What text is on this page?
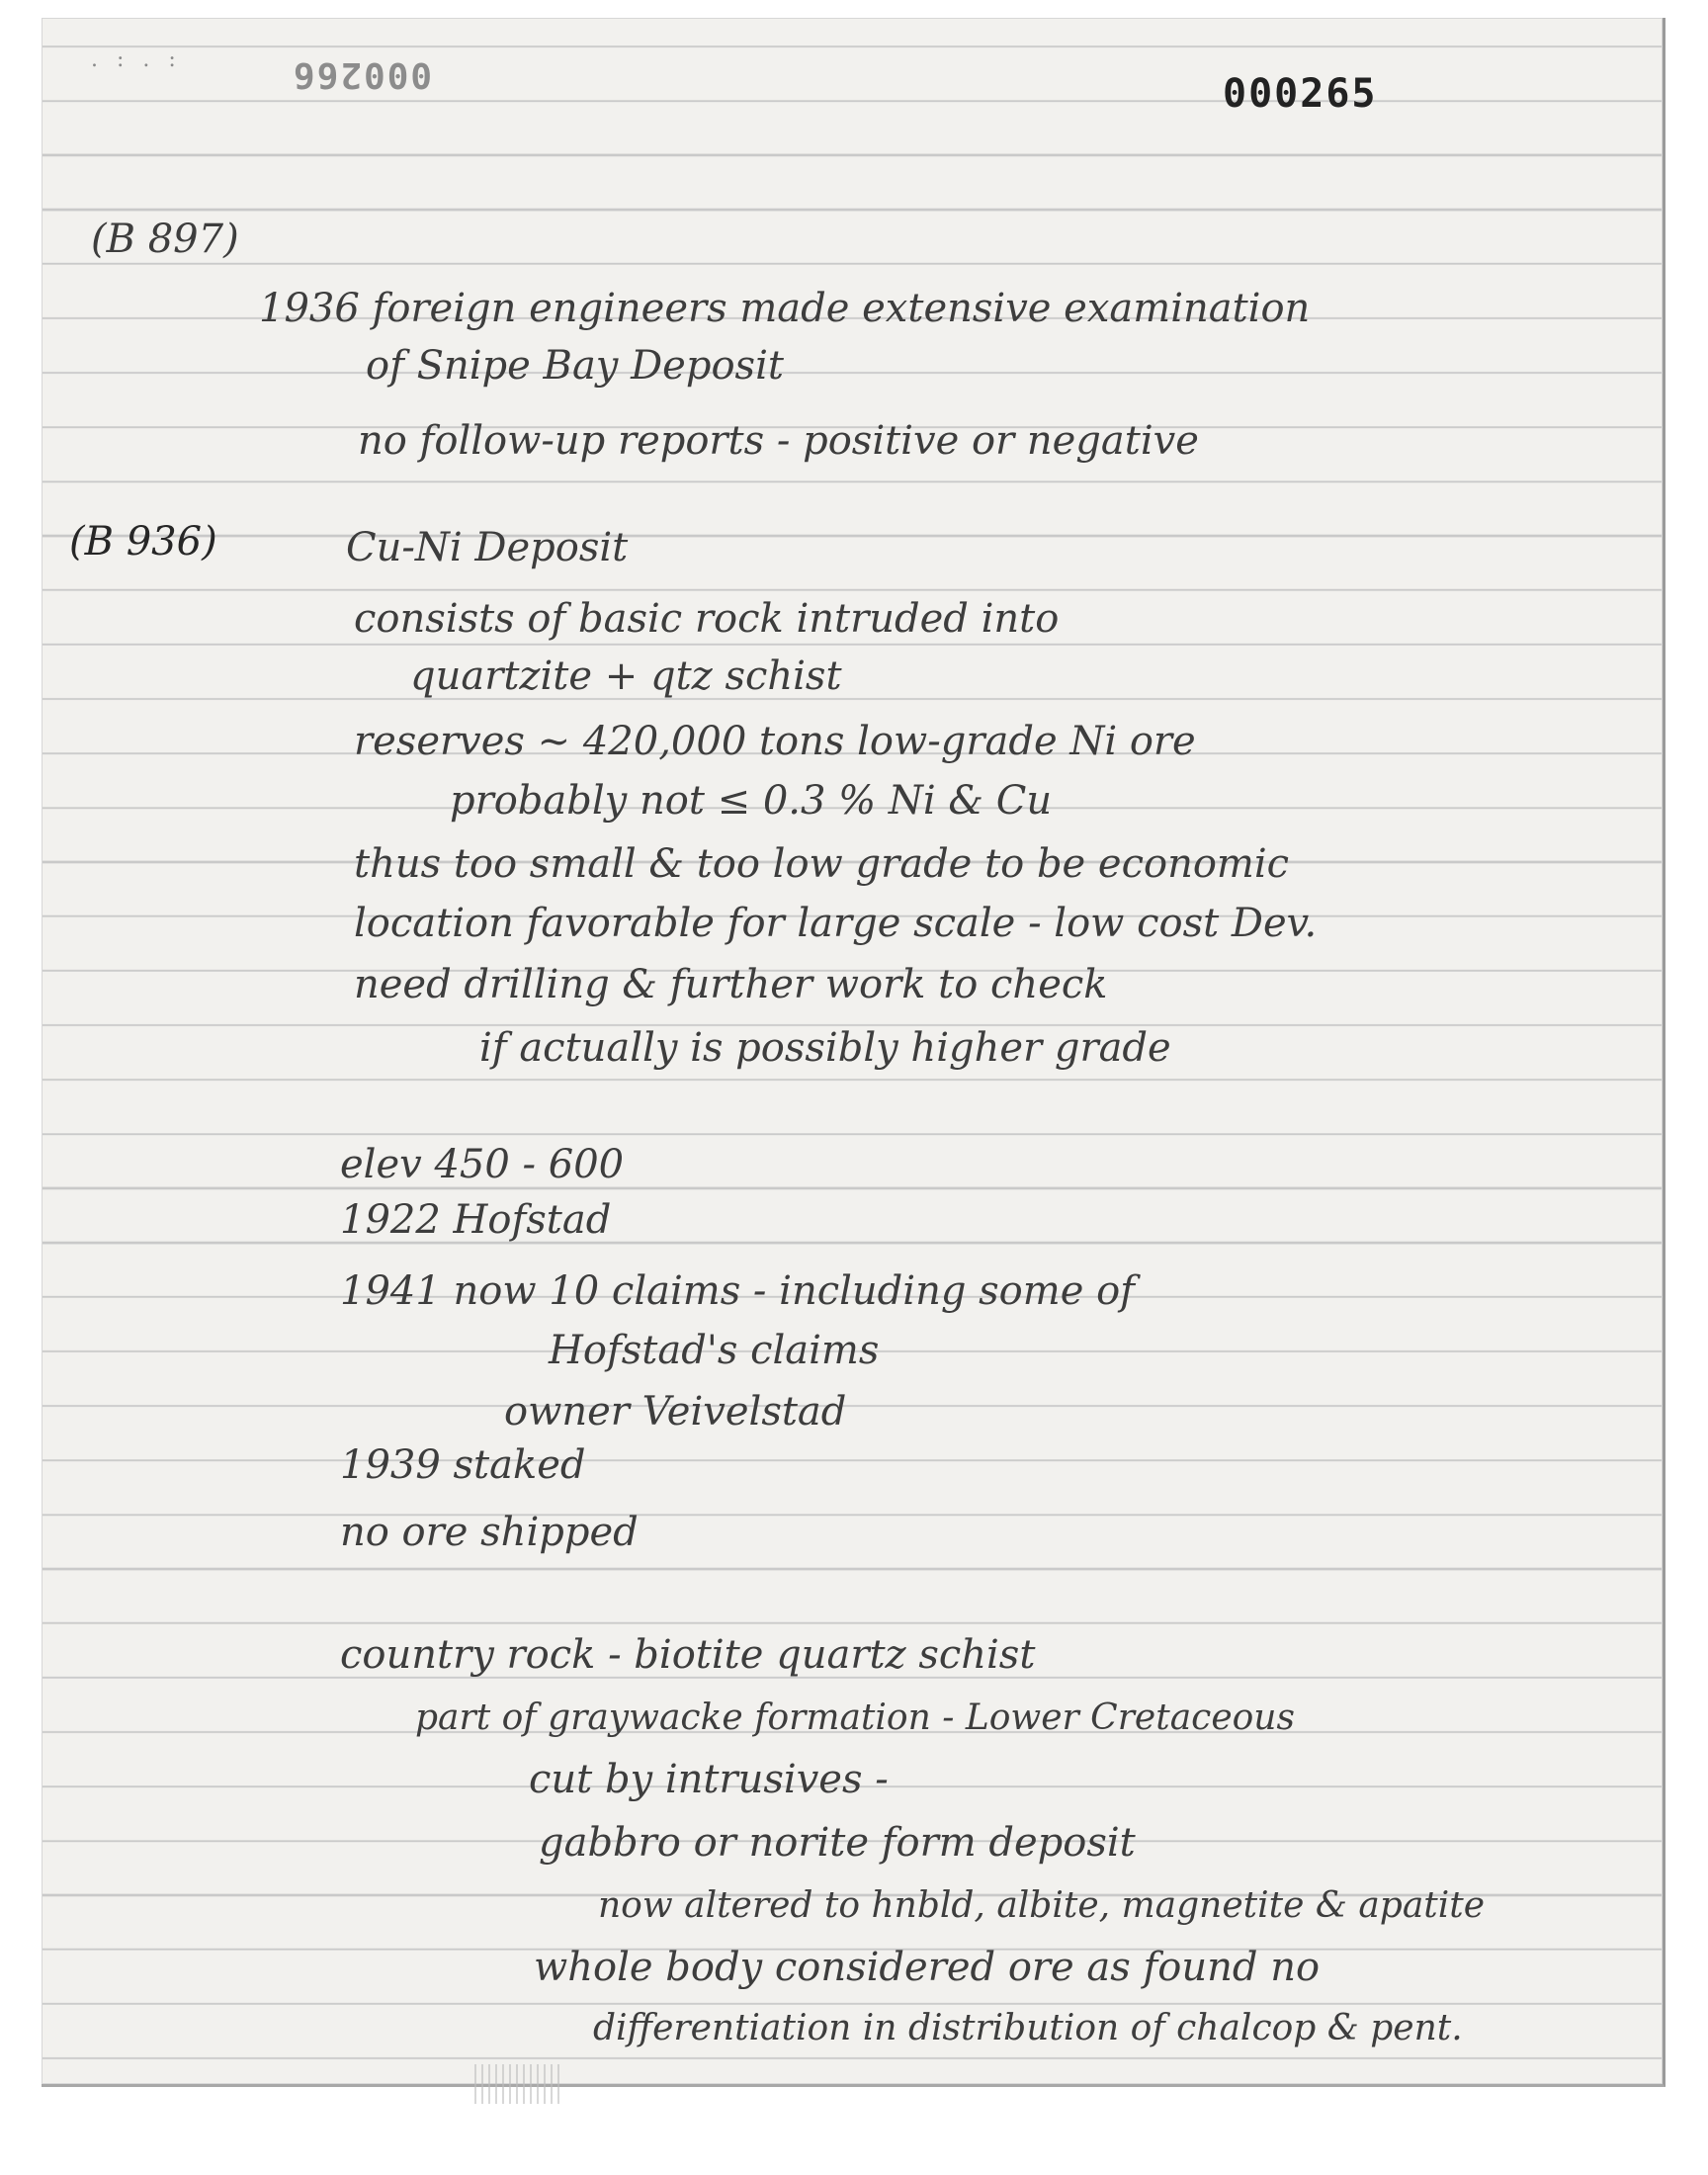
. : . :	000266	000265
(B 897)
1936 foreign engineers made extensive examination
of Snipe Bay Deposit
no follow-up reports - positive or negative
(B 936)	Cu-Ni Deposit
consists of basic rock intruded into
quartzite + qtz schist
reserves ~ 420,000 tons low-grade Ni ore
probably not ≤ 0.3 % Ni & Cu
thus too small & too low grade to be economic
location favorable for large scale - low cost Dev.
need drilling & further work to check
if actually is possibly higher grade
elev 450 - 600
1922 Hofstad
1941 now 10 claims - including some of
Hofstad's claims
owner Veivelstad
1939 staked
no ore shipped
country rock - biotite quartz schist
part of graywacke formation - Lower Cretaceous
cut by intrusives -
gabbro or norite form deposit
now altered to hnbld, albite, magnetite & apatite
whole body considered ore as found no
differentiation in distribution of chalcop & pent.
